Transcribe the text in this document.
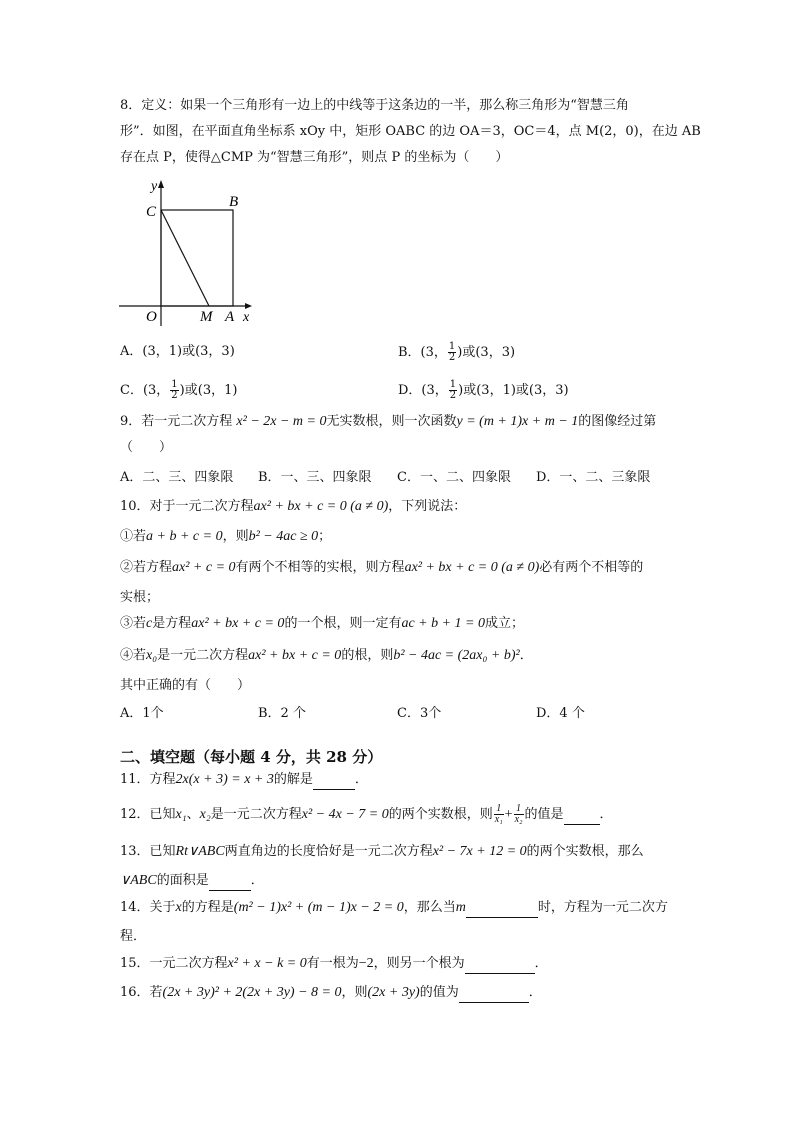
8．定义：如果一个三角形有一边上的中线等于这条边的一半，那么称三角形为“智慧三角
形”．如图，在平面直角坐标系 xOy 中，矩形 OABC 的边 OA＝3，OC＝4，点 M(2，0)，在边 AB
存在点 P，使得△CMP 为“智慧三角形”，则点 P 的坐标为（　　）
y
C
B
O	M A x
A．(3，1)或(3，3)	B．(3， $\frac{1}{2}$ )或(3，3)
C．(3， $\frac{1}{2}$ )或(3，1)	D．(3， $\frac{1}{2}$ )或(3，1)或(3，3)
9．若一元二次方程 x² − 2x − m = 0无实数根，则一次函数y = (m + 1)x + m − 1的图像经过第
（　　）
A．二、三、四象限 B．一、三、四象限 C．一、二、四象限 D．一、二、三象限
10．对于一元二次方程ax² + bx + c = 0 (a ≠ 0)，下列说法：
①若a + b + c = 0，则b² − 4ac ≥ 0；
②若方程ax² + c = 0有两个不相等的实根，则方程ax² + bx + c = 0 (a ≠ 0)必有两个不相等的
实根；
③若c是方程ax² + bx + c = 0的一个根，则一定有ac + b + 1 = 0成立；
④若x₀是一元二次方程ax² + bx + c = 0的根，则b² − 4ac = (2ax₀ + b)²．
其中正确的有（　　）
A．1个	B．2 个	C．3个	D．4 个
二、填空题（每小题 4 分，共 28 分）
11．方程2x(x + 3) = x + 3的解是	．
12．已知x₁、x₂是一元二次方程x² − 4x − 7 = 0的两个实数根，则 $\frac{1}{\text{x₁}} + \frac{1}{\text{x₂}}$ 的值是	．
13．已知Rt∨ABC两直角边的长度恰好是一元二次方程x² − 7x + 12 = 0的两个实数根，那么
∨ABC的面积是	．
14．关于x的方程是(m² − 1)x² + (m − 1)x − 2 = 0，那么当m	时，方程为一元二次方
程．
15．一元二次方程x² + x − k = 0有一根为−2，则另一个根为	．
16．若(2x + 3y)² + 2(2x + 3y) − 8 = 0，则(2x + 3y)的值为	．
